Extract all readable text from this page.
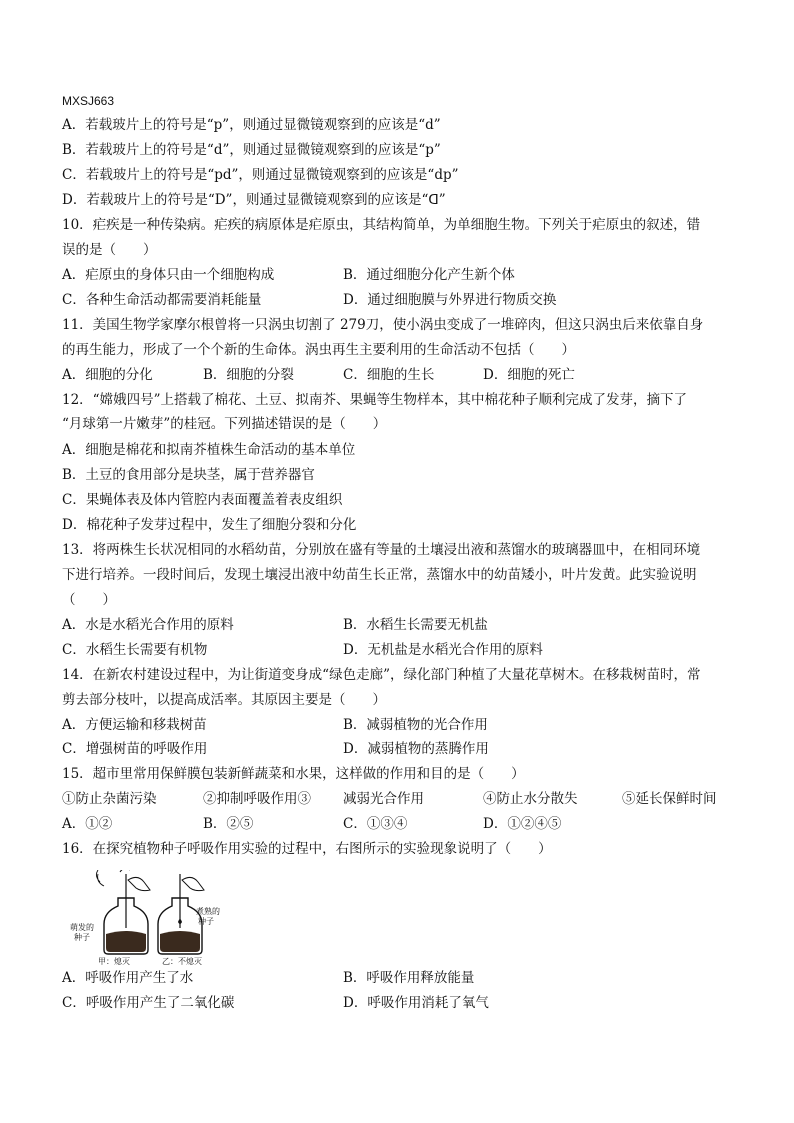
MXSJ663
A．若载玻片上的符号是“p”，则通过显微镜观察到的应该是“d”
B．若载玻片上的符号是“d”，则通过显微镜观察到的应该是“p”
C．若载玻片上的符号是“pd”，则通过显微镜观察到的应该是“dp”
D．若载玻片上的符号是“D”，则通过显微镜观察到的应该是“ᗡ”
10．疟疾是一种传染病。疟疾的病原体是疟原虫，其结构简单，为单细胞生物。下列关于疟原虫的叙述，错
误的是（　　）
A．疟原虫的身体只由一个细胞构成	B．通过细胞分化产生新个体
C．各种生命活动都需要消耗能量	D．通过细胞膜与外界进行物质交换
11．美国生物学家摩尔根曾将一只涡虫切割了 279刀，使小涡虫变成了一堆碎肉，但这只涡虫后来依靠自身
的再生能力，形成了一个个新的生命体。涡虫再生主要利用的生命活动不包括（　　）
A．细胞的分化	B．细胞的分裂	C．细胞的生长	D．细胞的死亡
12．“嫦娥四号”上搭载了棉花、土豆、拟南芥、果蝇等生物样本，其中棉花种子顺利完成了发芽，摘下了
“月球第一片嫩芽”的桂冠。下列描述错误的是（　　）
A．细胞是棉花和拟南芥植株生命活动的基本单位
B．土豆的食用部分是块茎，属于营养器官
C．果蝇体表及体内管腔内表面覆盖着表皮组织
D．棉花种子发芽过程中，发生了细胞分裂和分化
13．将两株生长状况相同的水稻幼苗，分别放在盛有等量的土壤浸出液和蒸馏水的玻璃器皿中，在相同环境
下进行培养。一段时间后，发现土壤浸出液中幼苗生长正常，蒸馏水中的幼苗矮小，叶片发黄。此实验说明
（　　）
A．水是水稻光合作用的原料	B．水稻生长需要无机盐
C．水稻生长需要有机物	D．无机盐是水稻光合作用的原料
14．在新农村建设过程中，为让街道变身成“绿色走廊”，绿化部门种植了大量花草树木。在移栽树苗时，常
剪去部分枝叶，以提高成活率。其原因主要是（　　）
A．方便运输和移栽树苗	B．减弱植物的光合作用
C．增强树苗的呼吸作用	D．减弱植物的蒸腾作用
15．超市里常用保鲜膜包装新鲜蔬菜和水果，这样做的作用和目的是（　　）
①防止杂菌污染	②抑制呼吸作用③ 减弱光合作用	④防止水分散失	⑤延长保鲜时间
A．①②	B．②⑤	C．①③④	D．①②④⑤
16．在探究植物种子呼吸作用实验的过程中，右图所示的实验现象说明了（　　）
萌发的
种子
煮熟的
种子
甲：熄灭	乙：不熄灭
A．呼吸作用产生了水	B．呼吸作用释放能量
C．呼吸作用产生了二氧化碳	D．呼吸作用消耗了氧气
